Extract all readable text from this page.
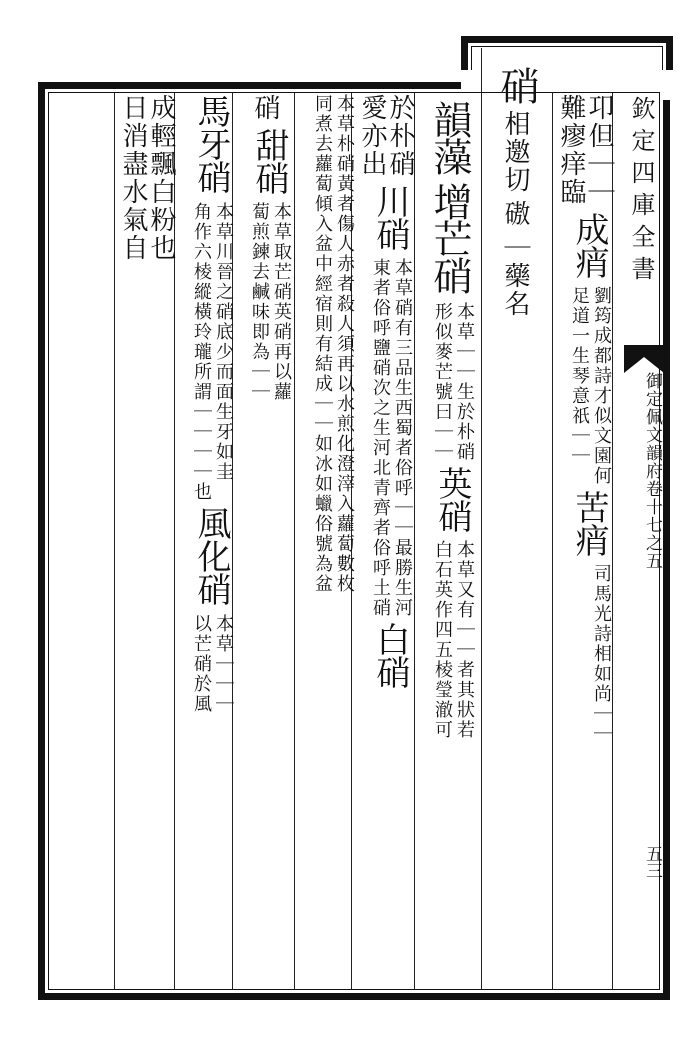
欽定四庫全書
御定佩文韻府卷十七之五
五三
難瘳痒臨
卭但｜｜
成痟
劉筠成都詩才似文園何
足道一生琴意祇｜｜
苦痟
司馬光詩相如尚｜｜
硝
相邀切
磝
｜藥名
韻藻
增芒硝
本草｜｜生於朴硝
形似麥芒號曰｜｜
英硝
本草又有｜｜者其狀若
白石英作四五棱瑩澈可
愛亦出
於朴硝
川硝
本草硝有三品生西蜀者俗呼｜｜最勝生河
東者俗呼鹽硝次之生河北青齊者俗呼土硝
白硝
本草朴硝黃者傷人赤者殺人須再以水煎化澄滓入蘿蔔數枚
同煮去蘿蔔傾入盆中經宿則有結成｜｜如冰如蠟俗號為盆
硝
甜硝
本草取芒硝英硝再以蘿
蔔煎鍊去鹹味即為｜｜
馬牙硝
本草川晉之硝底少而面生牙如圭
角作六棱縱橫玲瓏所謂｜｜｜｜也
風化硝
本草｜｜｜
以芒硝於風
日消盡水氣自
成輕飄白粉也
